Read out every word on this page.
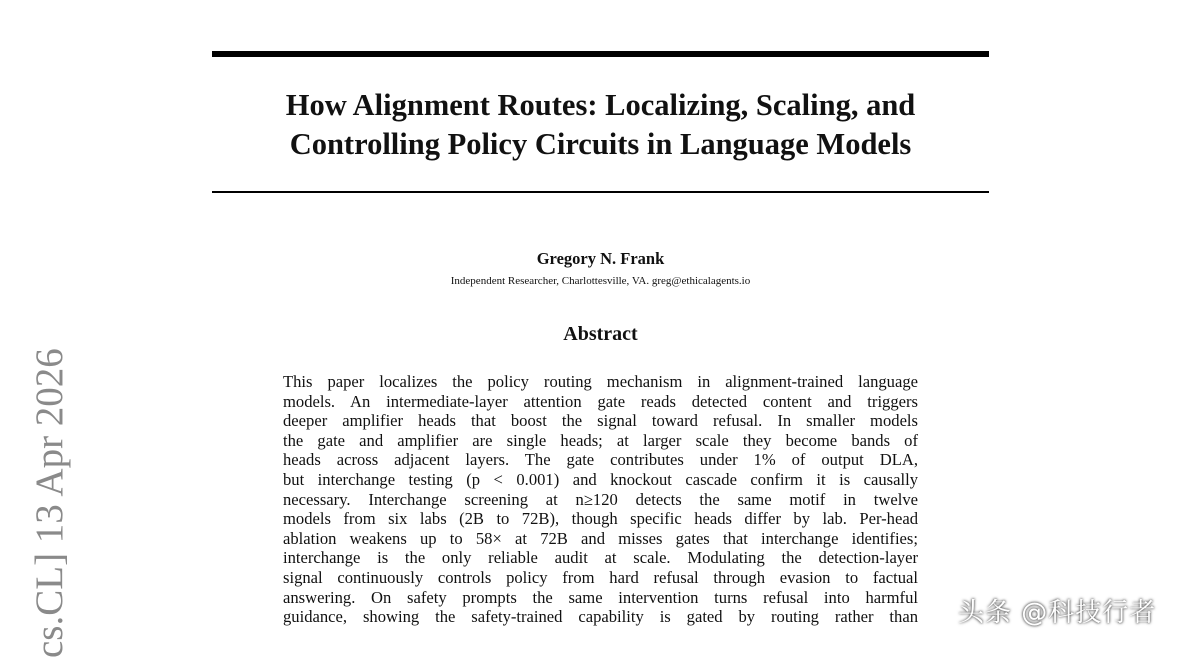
How Alignment Routes: Localizing, Scaling, and
Controlling Policy Circuits in Language Models
Gregory N. Frank
Independent Researcher, Charlottesville, VA. greg@ethicalagents.io
Abstract
This paper localizes the policy routing mechanism in alignment-trained language
models. An intermediate-layer attention gate reads detected content and triggers
deeper amplifier heads that boost the signal toward refusal. In smaller models
the gate and amplifier are single heads; at larger scale they become bands of
heads across adjacent layers. The gate contributes under 1% of output DLA,
but interchange testing (p < 0.001) and knockout cascade confirm it is causally
necessary. Interchange screening at n≥120 detects the same motif in twelve
models from six labs (2B to 72B), though specific heads differ by lab. Per-head
ablation weakens up to 58× at 72B and misses gates that interchange identifies;
interchange is the only reliable audit at scale. Modulating the detection-layer
signal continuously controls policy from hard refusal through evasion to factual
answering. On safety prompts the same intervention turns refusal into harmful
guidance, showing the safety-trained capability is gated by routing rather than
cs.CL] 13 Apr 2026	头条 @科技行者
